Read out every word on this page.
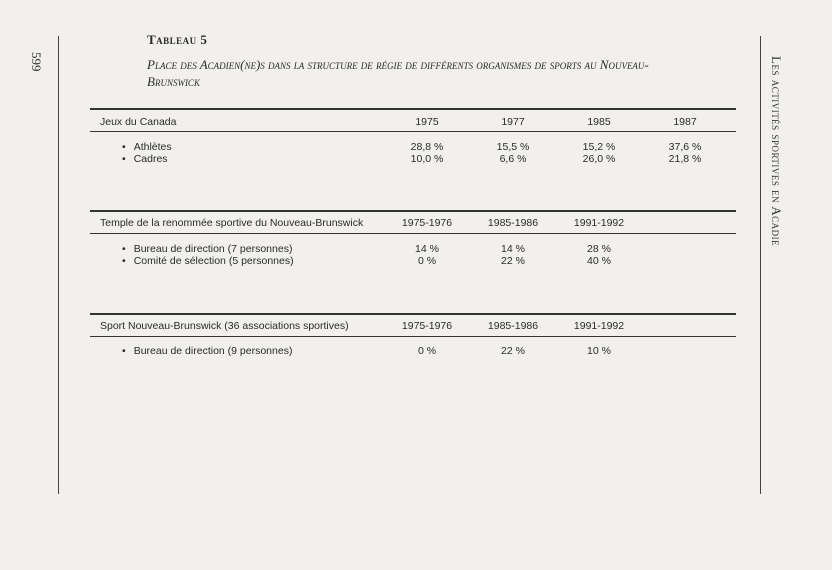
599	Les activités sportives en Acadie
Tableau 5
Place des Acadien(ne)s dans la structure de régie de différents organismes de sports au Nouveau-Brunswick
Jeux du Canada	1975	1977	1985	1987
• Athlètes	28,8 %	15,5 %	15,2 %	37,6 %
• Cadres	10,0 %	6,6 %	26,0 %	21,8 %
Temple de la renommée sportive du Nouveau-Brunswick	1975-1976	1985-1986	1991-1992
• Bureau de direction (7 personnes)	14 %	14 %	28 %
• Comité de sélection (5 personnes)	0 %	22 %	40 %
Sport Nouveau-Brunswick (36 associations sportives)	1975-1976	1985-1986	1991-1992
• Bureau de direction (9 personnes)	0 %	22 %	10 %
